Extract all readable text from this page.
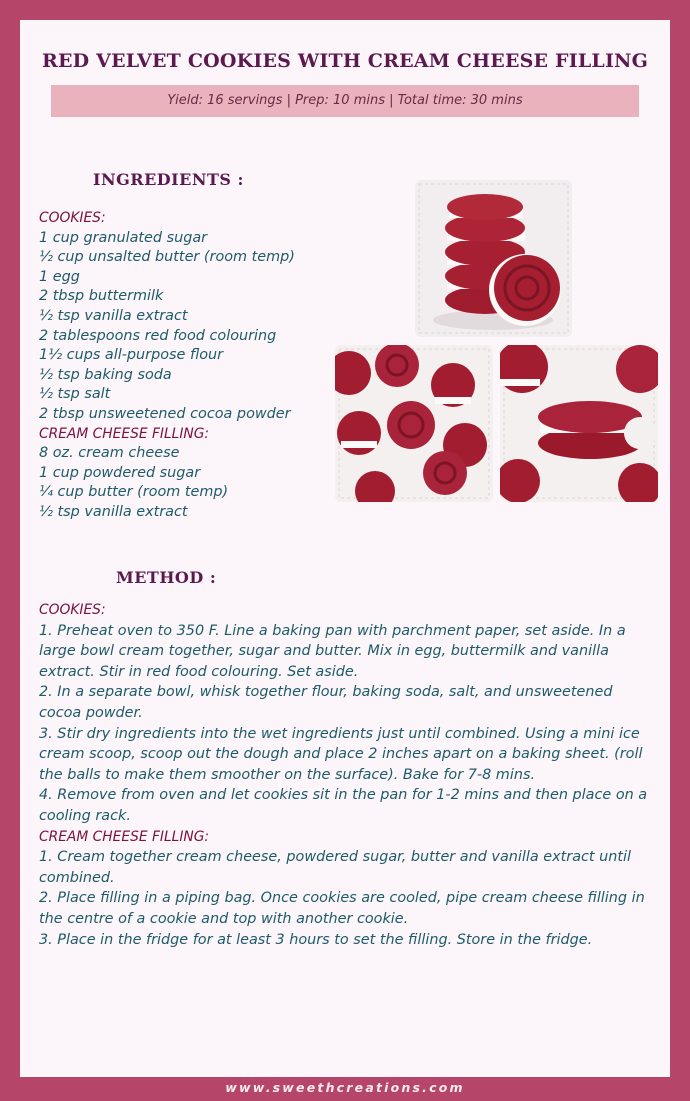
RED VELVET COOKIES WITH CREAM CHEESE FILLING
Yield: 16 servings | Prep: 10 mins | Total time: 30 mins
INGREDIENTS :
COOKIES:
1 cup granulated sugar
½ cup unsalted butter (room temp)
1 egg
2 tbsp buttermilk
½ tsp vanilla extract
2 tablespoons red food colouring
1½ cups all-purpose flour
½ tsp baking soda
½ tsp salt
2 tbsp unsweetened cocoa powder
CREAM CHEESE FILLING:
8 oz. cream cheese
1 cup powdered sugar
¼ cup butter (room temp)
½ tsp vanilla extract
METHOD :
COOKIES:
1. Preheat oven to 350 F. Line a baking pan with parchment paper, set aside. In a large bowl cream together, sugar and butter. Mix in egg, buttermilk and vanilla extract. Stir in red food colouring. Set aside.
2. In a separate bowl, whisk together flour, baking soda, salt, and unsweetened cocoa powder.
3. Stir dry ingredients into the wet ingredients just until combined. Using a mini ice cream scoop, scoop out the dough and place 2 inches apart on a baking sheet. (roll the balls to make them smoother on the surface). Bake for 7-8 mins.
4. Remove from oven and let cookies sit in the pan for 1-2 mins and then place on a cooling rack.
CREAM CHEESE FILLING:
1. Cream together cream cheese, powdered sugar, butter and vanilla extract until combined.
2. Place filling in a piping bag. Once cookies are cooled, pipe cream cheese filling in the centre of a cookie and top with another cookie.
3. Place in the fridge for at least 3 hours to set the filling. Store in the fridge.
www.sweethcreations.com
